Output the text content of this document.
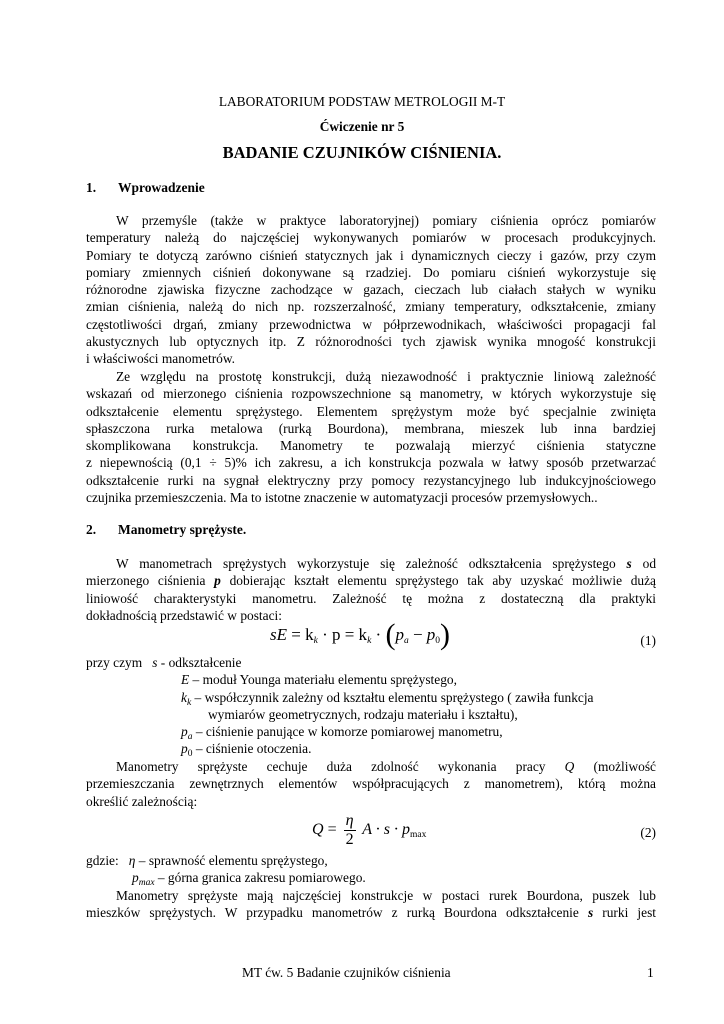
LABORATORIUM PODSTAW METROLOGII M-T
Ćwiczenie nr 5
BADANIE CZUJNIKÓW CIŚNIENIA.
1. Wprowadzenie
W przemyśle (także w praktyce laboratoryjnej) pomiary ciśnienia oprócz pomiarów
temperatury należą do najczęściej wykonywanych pomiarów w procesach produkcyjnych.
Pomiary te dotyczą zarówno ciśnień statycznych jak i dynamicznych cieczy i gazów, przy czym
pomiary zmiennych ciśnień dokonywane są rzadziej. Do pomiaru ciśnień wykorzystuje się
różnorodne zjawiska fizyczne zachodzące w gazach, cieczach lub ciałach stałych w wyniku
zmian ciśnienia, należą do nich np. rozszerzalność, zmiany temperatury, odkształcenie, zmiany
częstotliwości drgań, zmiany przewodnictwa w półprzewodnikach, właściwości propagacji fal
akustycznych lub optycznych itp. Z różnorodności tych zjawisk wynika mnogość konstrukcji
i właściwości manometrów.
Ze względu na prostotę konstrukcji, dużą niezawodność i praktycznie liniową zależność
wskazań od mierzonego ciśnienia rozpowszechnione są manometry, w których wykorzystuje się
odkształcenie elementu sprężystego. Elementem sprężystym może być specjalnie zwinięta
spłaszczona rurka metalowa (rurką Bourdona), membrana, mieszek lub inna bardziej
skomplikowana konstrukcja. Manometry te pozwalają mierzyć ciśnienia statyczne
z niepewnością (0,1 ÷ 5)% ich zakresu, a ich konstrukcja pozwala w łatwy sposób przetwarzać
odkształcenie rurki na sygnał elektryczny przy pomocy rezystancyjnego lub indukcyjnościowego
czujnika przemieszczenia. Ma to istotne znaczenie w automatyzacji procesów przemysłowych..
2. Manometry sprężyste.
W manometrach sprężystych wykorzystuje się zależność odkształcenia sprężystego s od
mierzonego ciśnienia p dobierając kształt elementu sprężystego tak aby uzyskać możliwie dużą
liniowość charakterystyki manometru. Zależność tę można z dostateczną dla praktyki
dokładnością przedstawić w postaci:
sE = $k_k \cdot p = k_k \cdot (p_a - p_0)$	(1)
przy czym s - odkształcenie
E – moduł Younga materiału elementu sprężystego,
$k_k$ – współczynnik zależny od kształtu elementu sprężystego ( zawiła funkcja
wymiarów geometrycznych, rodzaju materiału i kształtu),
$p_a$ – ciśnienie panujące w komorze pomiarowej manometru,
$p_0$ – ciśnienie otoczenia.
Manometry sprężyste cechuje duża zdolność wykonania pracy Q (możliwość
przemieszczania zewnętrznych elementów współpracujących z manometrem), którą można
określić zależnością:
$Q = \frac{\eta}{2}$ $A \cdot s \cdot p_{max}$	(2)
gdzie: η – sprawność elementu sprężystego,
$p_{max}$ – górna granica zakresu pomiarowego.
Manometry sprężyste mają najczęściej konstrukcje w postaci rurek Bourdona, puszek lub
mieszków sprężystych. W przypadku manometrów z rurką Bourdona odkształcenie s rurki jest
MT ćw. 5 Badanie czujników ciśnienia	1
